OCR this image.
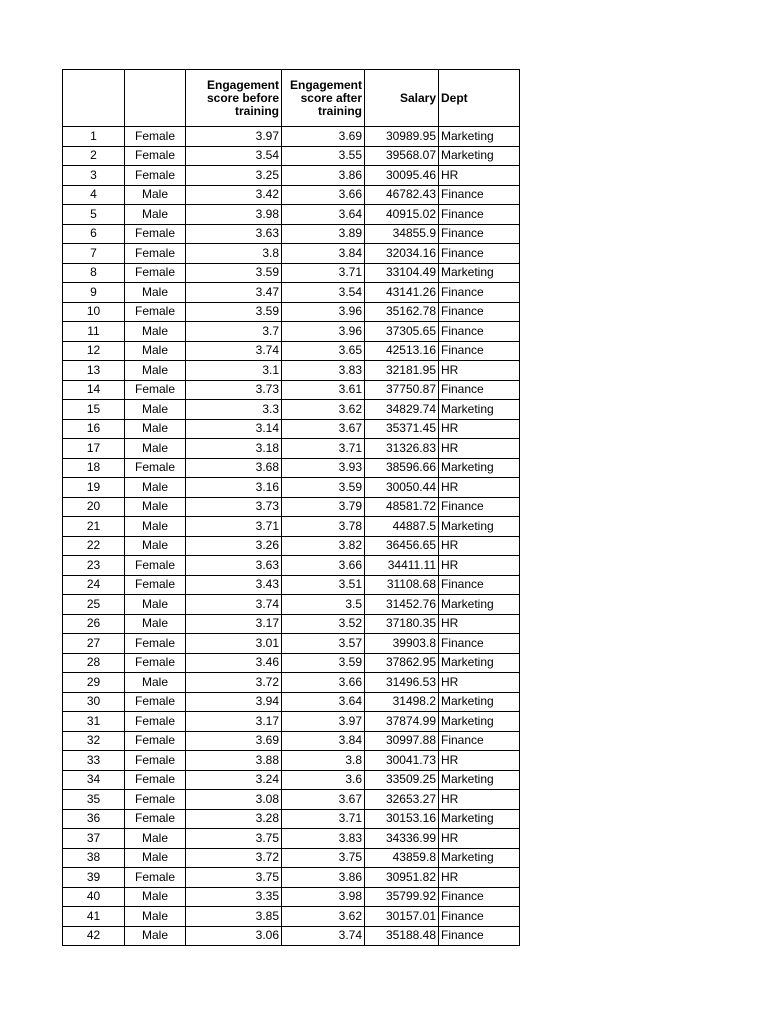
		Engagement score before training	Engagement score after training	Salary	Dept
1	Female	3.97	3.69	30989.95	Marketing
2	Female	3.54	3.55	39568.07	Marketing
3	Female	3.25	3.86	30095.46	HR
4	Male	3.42	3.66	46782.43	Finance
5	Male	3.98	3.64	40915.02	Finance
6	Female	3.63	3.89	34855.9	Finance
7	Female	3.8	3.84	32034.16	Finance
8	Female	3.59	3.71	33104.49	Marketing
9	Male	3.47	3.54	43141.26	Finance
10	Female	3.59	3.96	35162.78	Finance
11	Male	3.7	3.96	37305.65	Finance
12	Male	3.74	3.65	42513.16	Finance
13	Male	3.1	3.83	32181.95	HR
14	Female	3.73	3.61	37750.87	Finance
15	Male	3.3	3.62	34829.74	Marketing
16	Male	3.14	3.67	35371.45	HR
17	Male	3.18	3.71	31326.83	HR
18	Female	3.68	3.93	38596.66	Marketing
19	Male	3.16	3.59	30050.44	HR
20	Male	3.73	3.79	48581.72	Finance
21	Male	3.71	3.78	44887.5	Marketing
22	Male	3.26	3.82	36456.65	HR
23	Female	3.63	3.66	34411.11	HR
24	Female	3.43	3.51	31108.68	Finance
25	Male	3.74	3.5	31452.76	Marketing
26	Male	3.17	3.52	37180.35	HR
27	Female	3.01	3.57	39903.8	Finance
28	Female	3.46	3.59	37862.95	Marketing
29	Male	3.72	3.66	31496.53	HR
30	Female	3.94	3.64	31498.2	Marketing
31	Female	3.17	3.97	37874.99	Marketing
32	Female	3.69	3.84	30997.88	Finance
33	Female	3.88	3.8	30041.73	HR
34	Female	3.24	3.6	33509.25	Marketing
35	Female	3.08	3.67	32653.27	HR
36	Female	3.28	3.71	30153.16	Marketing
37	Male	3.75	3.83	34336.99	HR
38	Male	3.72	3.75	43859.8	Marketing
39	Female	3.75	3.86	30951.82	HR
40	Male	3.35	3.98	35799.92	Finance
41	Male	3.85	3.62	30157.01	Finance
42	Male	3.06	3.74	35188.48	Finance
